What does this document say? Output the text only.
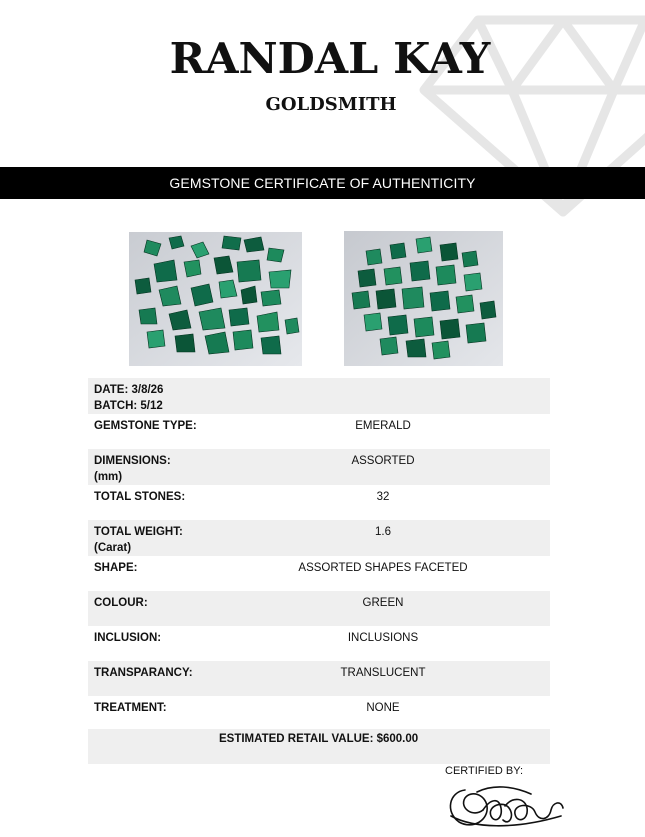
RANDAL KAY
GOLDSMITH
GEMSTONE CERTIFICATE OF AUTHENTICITY
DATE: 3/8/26
BATCH: 5/12	

GEMSTONE TYPE:	EMERALD

DIMENSIONS:
(mm)	ASSORTED

TOTAL STONES:	32

TOTAL WEIGHT:
(Carat)	1.6

SHAPE:	ASSORTED SHAPES FACETED

COLOUR:	GREEN

INCLUSION:	INCLUSIONS

TRANSPARANCY:	TRANSLUCENT

TREATMENT:	NONE
ESTIMATED RETAIL VALUE: $600.00
CERTIFIED BY:
